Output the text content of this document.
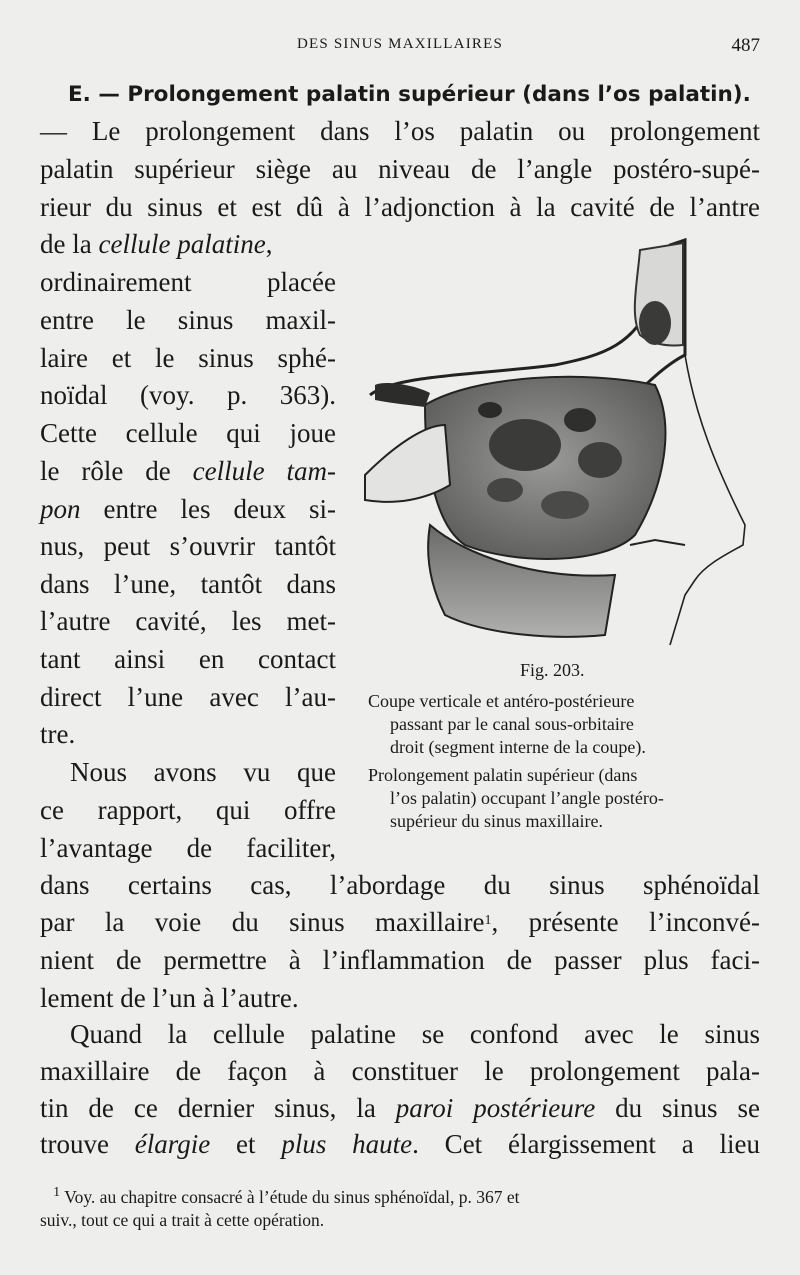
DES SINUS MAXILLAIRES	487
E. — Prolongement palatin supérieur (dans l’os palatin).
— Le prolongement dans l’os palatin ou prolongement
palatin supérieur siège au niveau de l’angle postéro-supé-
rieur du sinus et est dû à l’adjonction à la cavité de l’antre
de la cellule palatine,
ordinairement placée
entre le sinus maxil-
laire et le sinus sphé-
noïdal (voy. p. 363).
Cette cellule qui joue
le rôle de cellule tam-
pon entre les deux si-
nus, peut s’ouvrir tantôt
dans l’une, tantôt dans
l’autre cavité, les met-
tant ainsi en contact
direct l’une avec l’au-
tre.
Nous avons vu que
ce rapport, qui offre
l’avantage de faciliter,
dans certains cas, l’abordage du sinus sphénoïdal
par la voie du sinus maxillaire$^1$, présente l’inconvé-
nient de permettre à l’inflammation de passer plus faci-
lement de l’un à l’autre.
Quand la cellule palatine se confond avec le sinus
maxillaire de façon à constituer le prolongement pala-
tin de ce dernier sinus, la paroi postérieure du sinus se
trouve élargie et plus haute. Cet élargissement a lieu
Fig. 203.
Coupe verticale et antéro-postérieure
passant par le canal sous-orbitaire
droit (segment interne de la coupe).
Prolongement palatin supérieur (dans
l’os palatin) occupant l’angle postéro-
supérieur du sinus maxillaire.
$^1$ Voy. au chapitre consacré à l’étude du sinus sphénoïdal, p. 367 et
suiv., tout ce qui a trait à cette opération.
